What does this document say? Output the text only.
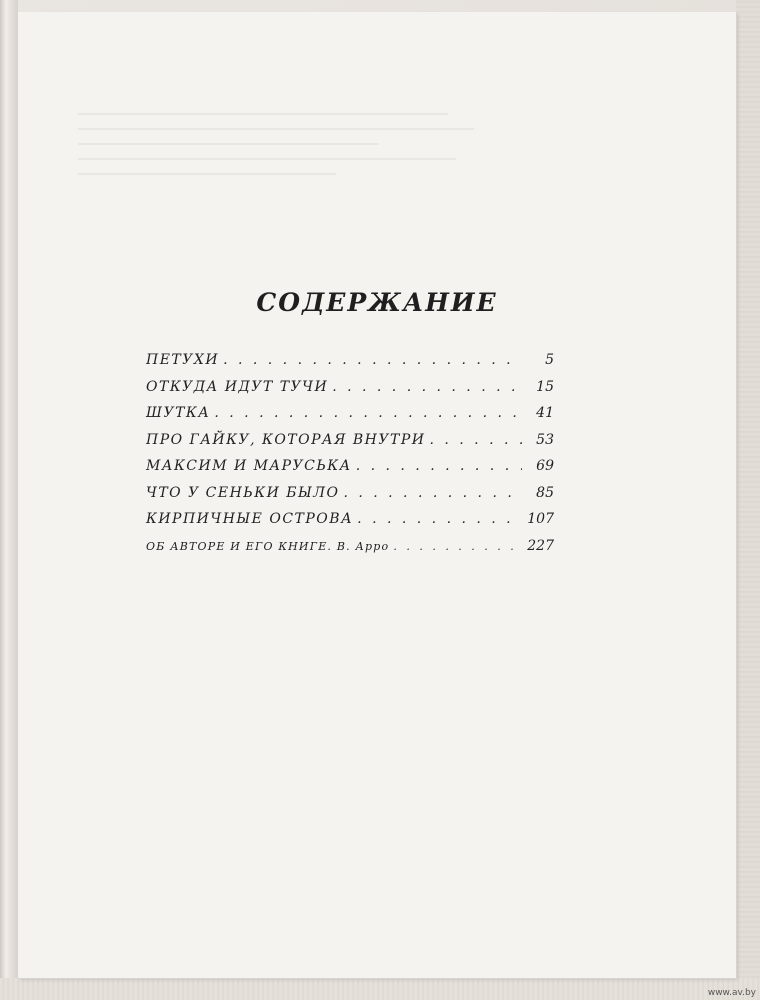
СОДЕРЖАНИЕ
ПЕТУХИ . . .	5
ОТКУДА ИДУТ ТУЧИ . . .	15
ШУТКА . . .	41
ПРО ГАЙКУ, КОТОРАЯ ВНУТРИ . . .	53
МАКСИМ И МАРУСЬКА . . .	69
ЧТО У СЕНЬКИ БЫЛО . . .	85
КИРПИЧНЫЕ ОСТРОВА . . .	107
ОБ АВТОРЕ И ЕГО КНИГЕ. В. Арро . . .	227
www.av.by
